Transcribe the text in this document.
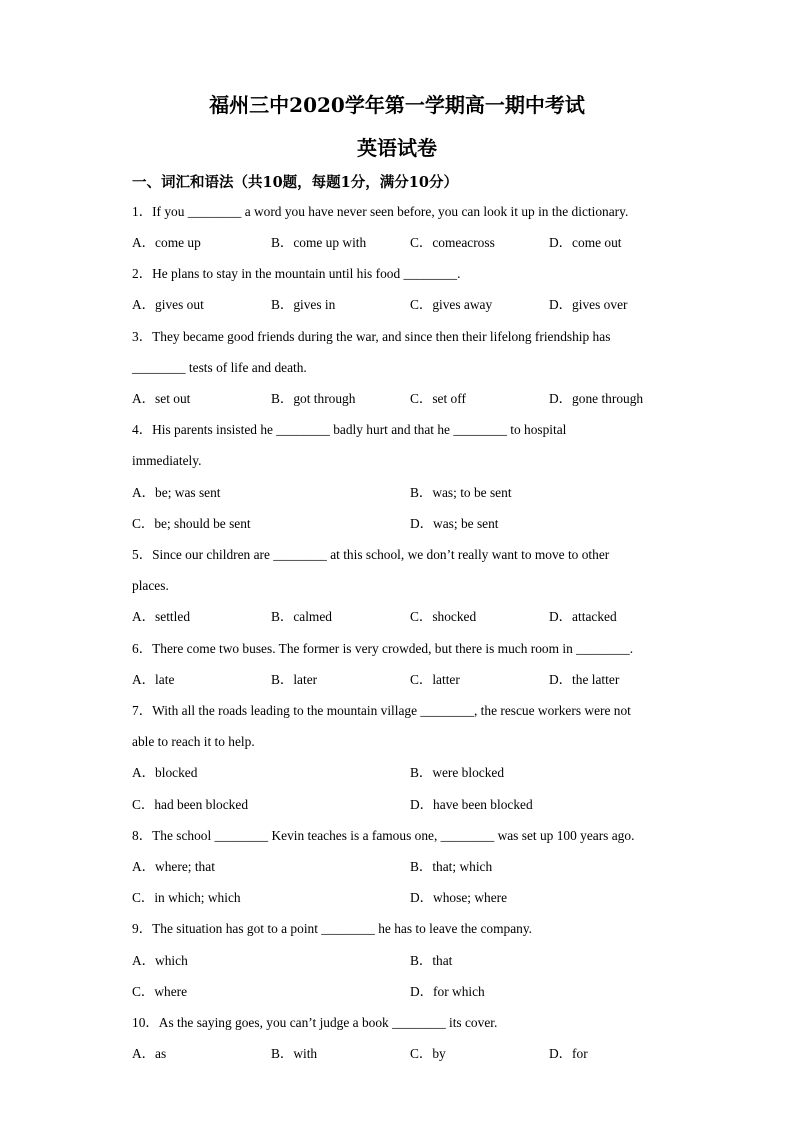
福州三中2020学年第一学期高一期中考试
英语试卷
一、词汇和语法（共10题，每题1分，满分10分）
1．If you ________ a word you have never seen before, you can look it up in the dictionary.
A．come up	B．come up with	C．comeacross	D．come out
2．He plans to stay in the mountain until his food ________.
A．gives out	B．gives in	C．gives away	D．gives over
3．They became good friends during the war, and since then their lifelong friendship has
________ tests of life and death.
A．set out	B．got through	C．set off	D．gone through
4．His parents insisted he ________ badly hurt and that he ________ to hospital
immediately.
A．be; was sent	B．was; to be sent
C．be; should be sent	D．was; be sent
5．Since our children are ________ at this school, we don’t really want to move to other
places.
A．settled	B．calmed	C．shocked	D．attacked
6．There come two buses. The former is very crowded, but there is much room in ________.
A．late	B．later	C．latter	D．the latter
7．With all the roads leading to the mountain village ________, the rescue workers were not
able to reach it to help.
A．blocked	B．were blocked
C．had been blocked	D．have been blocked
8．The school ________ Kevin teaches is a famous one, ________ was set up 100 years ago.
A．where; that	B．that; which
C．in which; which	D．whose; where
9．The situation has got to a point ________ he has to leave the company.
A．which	B．that
C．where	D．for which
10．As the saying goes, you can’t judge a book ________ its cover.
A．as	B．with	C．by	D．for
